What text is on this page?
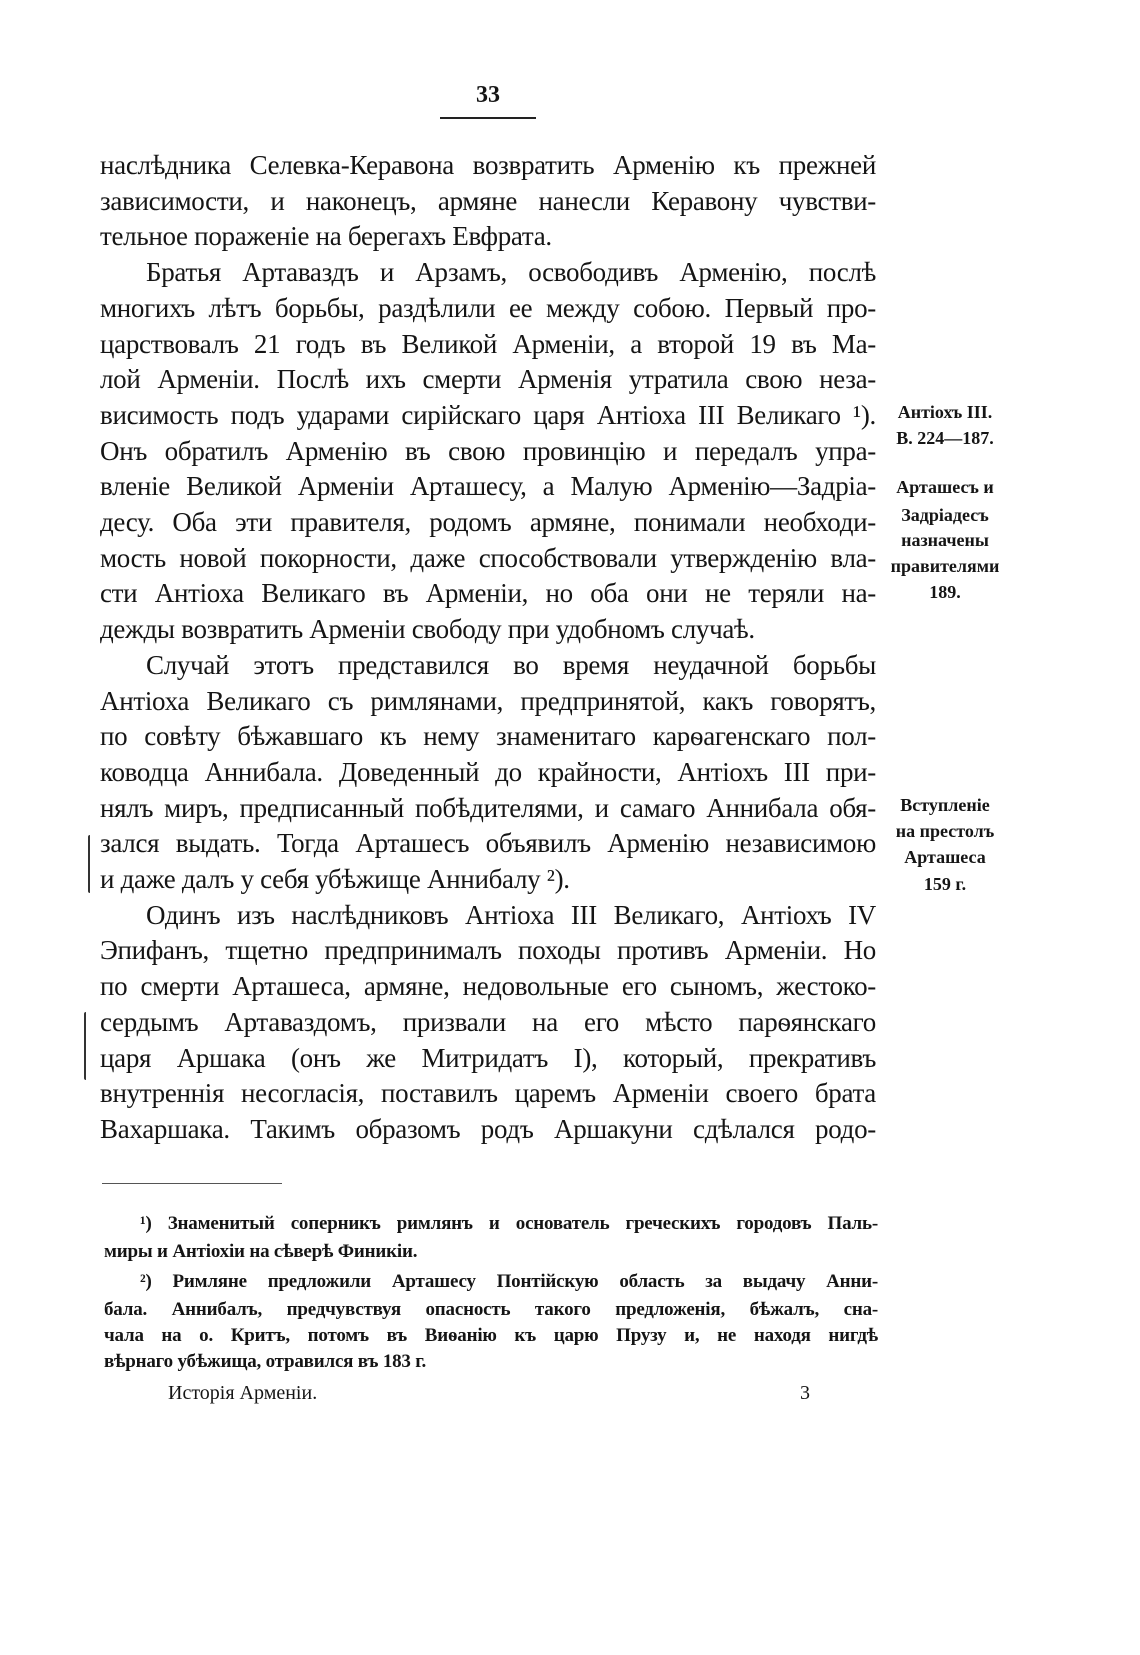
33
наслѣдника Селевка-Керавона возвратить Арменію къ прежней
зависимости, и наконецъ, армяне нанесли Керавону чувстви-
тельное пораженіе на берегахъ Евфрата.
Братья Артаваздъ и Арзамъ, освободивъ Арменію, послѣ
многихъ лѣтъ борьбы, раздѣлили ее между собою. Первый про-
царствовалъ 21 годъ въ Великой Арменіи, а второй 19 въ Ма-
лой Арменіи. Послѣ ихъ смерти Арменія утратила свою неза-
висимость подъ ударами сирійскаго царя Антіоха III Великаго ¹).
Онъ обратилъ Арменію въ свою провинцію и передалъ упра-
вленіе Великой Арменіи Арташесу, а Малую Арменію—Задріа-
десу. Оба эти правителя, родомъ армяне, понимали необходи-
мость новой покорности, даже способствовали утвержденію вла-
сти Антіоха Великаго въ Арменіи, но оба они не теряли на-
дежды возвратить Арменіи свободу при удобномъ случаѣ.
Случай этотъ представился во время неудачной борьбы
Антіоха Великаго съ римлянами, предпринятой, какъ говорятъ,
по совѣту бѣжавшаго къ нему знаменитаго карѳагенскаго пол-
ководца Аннибала. Доведенный до крайности, Антіохъ III при-
нялъ миръ, предписанный побѣдителями, и самаго Аннибала обя-
зался выдать. Тогда Арташесъ объявилъ Арменію независимою
и даже далъ у себя убѣжище Аннибалу ²).
Одинъ изъ наслѣдниковъ Антіоха III Великаго, Антіохъ IV
Эпифанъ, тщетно предпринималъ походы противъ Арменіи. Но
по смерти Арташеса, армяне, недовольные его сыномъ, жестоко-
сердымъ Артаваздомъ, призвали на его мѣсто парѳянскаго
царя Аршака (онъ же Митридатъ I), который, прекративъ
внутреннія несогласія, поставилъ царемъ Арменіи своего брата
Вахаршака. Такимъ образомъ родъ Аршакуни сдѣлался родо-
Антіохъ III.
В. 224—187.
Арташесъ и
Задріадесъ
назначены
правителями
189.
Вступленіе
на престолъ
Арташеса
159 г.
¹) Знаменитый соперникъ римлянъ и основатель греческихъ городовъ Паль-
миры и Антіохіи на сѣверѣ Финикіи.
²) Римляне предложили Арташесу Понтійскую область за выдачу Анни-
бала. Аннибалъ, предчувствуя опасность такого предложенія, бѣжалъ, сна-
чала на о. Критъ, потомъ въ Виѳанію къ царю Прузу и, не находя нигдѣ
вѣрнаго убѣжища, отравился въ 183 г.
Исторія Арменіи.	3
